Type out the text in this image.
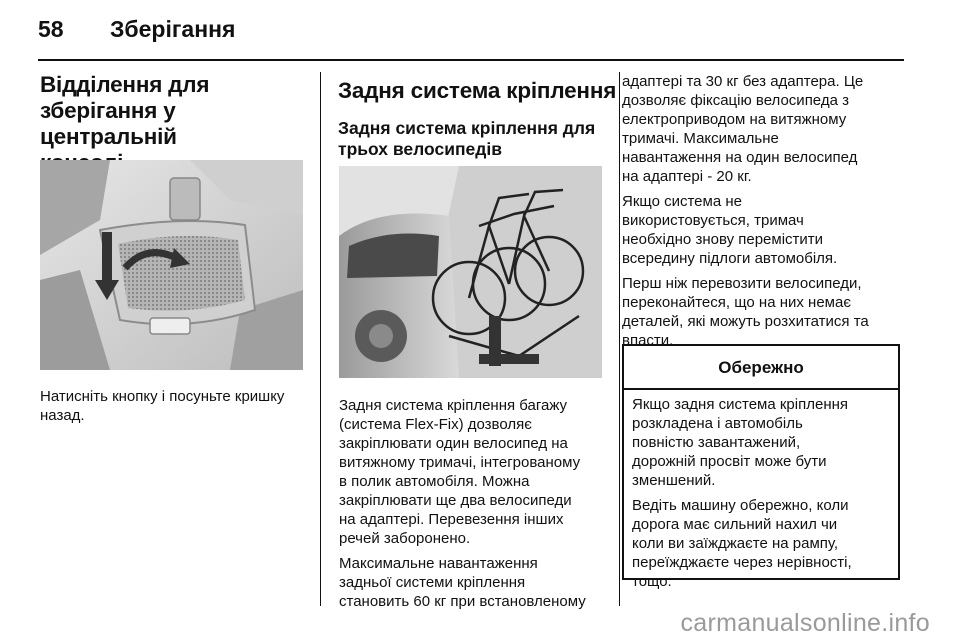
58 Зберігання
Відділення для
зберігання у центральній
Натисніть кнопку і посуньте кришку
назад.
Задня система кріплення
Задня система кріплення для
трьох велосипедів
Задня система кріплення багажу
(система Flex-Fix) дозволяє
закріплювати один велосипед на
витяжному тримачі, інтегрованому
в полик автомобіля. Можна
закріплювати ще два велосипеди
на адаптері. Перевезення інших
речей заборонено.
Максимальне навантаження
задньої системи кріплення
становить 60 кг при встановленому
адаптері та 30 кг без адаптера. Це
дозволяє фіксацію велосипеда з
електроприводом на витяжному
тримачі. Максимальне
навантаження на один велосипед
на адаптері - 20 кг.
Якщо система не
використовується, тримач
необхідно знову перемістити
всередину підлоги автомобіля.
Перш ніж перевозити велосипеди,
переконайтеся, що на них немає
деталей, які можуть розхитатися та
впасти.
Обережно
Якщо задня система кріплення
розкладена і автомобіль
повністю завантажений,
дорожній просвіт може бути
зменшений.
Ведіть машину обережно, коли
дорога має сильний нахил чи
коли ви заїжджаєте на рампу,
переїжджаєте через нерівності,
тощо.
carmanualsonline.info
